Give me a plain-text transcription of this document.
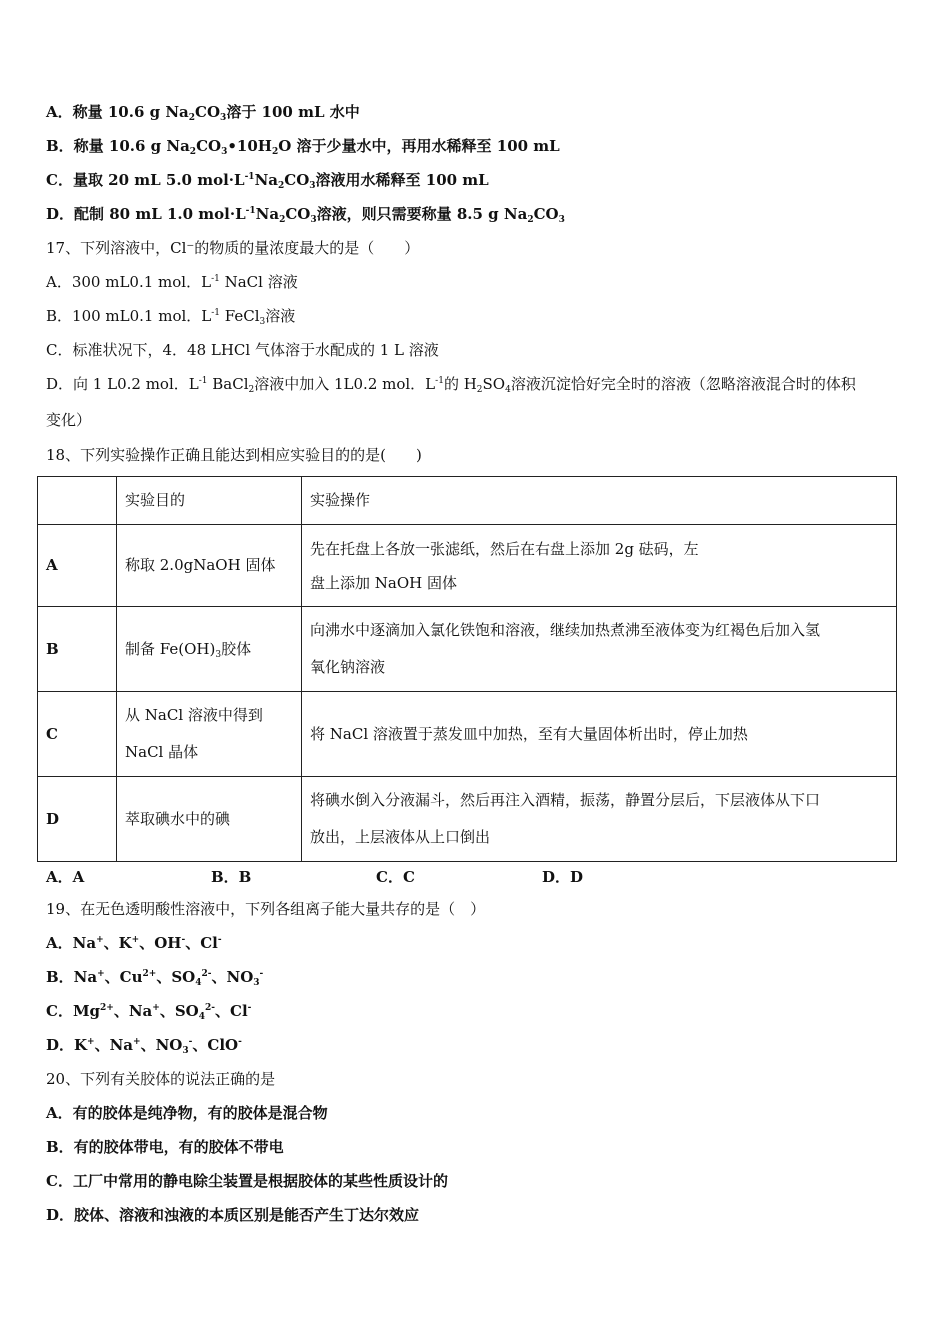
A．称量 10.6 g $Na_2CO_3$溶于 100 mL 水中
B．称量 10.6 g $Na_2CO_3•10H_2O$ 溶于少量水中，再用水稀释至 100 mL
C．量取 20 mL 5.0 $mol\cdot L^{-1}Na_2CO_3$溶液用水稀释至 100 mL
D．配制 80 mL 1.0 $mol\cdot L^{-1}Na_2CO_3$溶液，则只需要称量 8.5 g $Na_2CO_3$
17、下列溶液中，Cl⁻的物质的量浓度最大的是（　　）
A．300 mL0.1 mol．$L^{-1}$ NaCl 溶液
B．100 mL0.1 mol．$L^{-1}$ FeCl$_3$溶液
C．标准状况下，4．48 LHCl 气体溶于水配成的 1 L 溶液
D．向 1 L0.2 mol．$L^{-1}$ BaCl$_2$溶液中加入 1L0.2 mol．$L^{-1}$的 $H_2SO_4$溶液沉淀恰好完全时的溶液（忽略溶液混合时的体积
变化）
18、下列实验操作正确且能达到相应实验目的的是(　　)
	实验目的	实验操作
A	称取 2.0gNaOH 固体	先在托盘上各放一张滤纸，然后在右盘上添加 2g 砝码，左
盘上添加 NaOH 固体

B	制备 $Fe(OH)_3$胶体	向沸水中逐滴加入氯化铁饱和溶液，继续加热煮沸至液体变为红褐色后加入氢
氧化钠溶液

C	从 NaCl 溶液中得到
NaCl 晶体	将 NaCl 溶液置于蒸发皿中加热，至有大量固体析出时，停止加热
D	萃取碘水中的碘	将碘水倒入分液漏斗，然后再注入酒精，振荡，静置分层后，下层液体从下口
放出，上层液体从上口倒出
A．A	B．B	C．C	D．D
19、在无色透明酸性溶液中，下列各组离子能大量共存的是（　）
A．Na+、K+、OH-、Cl-
B．Na+、$Cu^{2+}$、$SO_4^{2-}$、$NO_3^-$
C．$Mg^{2+}$、Na+、$SO_4^{2-}$、Cl-
D．K+、Na+、$NO_3^-$、ClO-
20、下列有关胶体的说法正确的是
A．有的胶体是纯净物，有的胶体是混合物
B．有的胶体带电，有的胶体不带电
C．工厂中常用的静电除尘装置是根据胶体的某些性质设计的
D．胶体、溶液和浊液的本质区别是能否产生丁达尔效应
